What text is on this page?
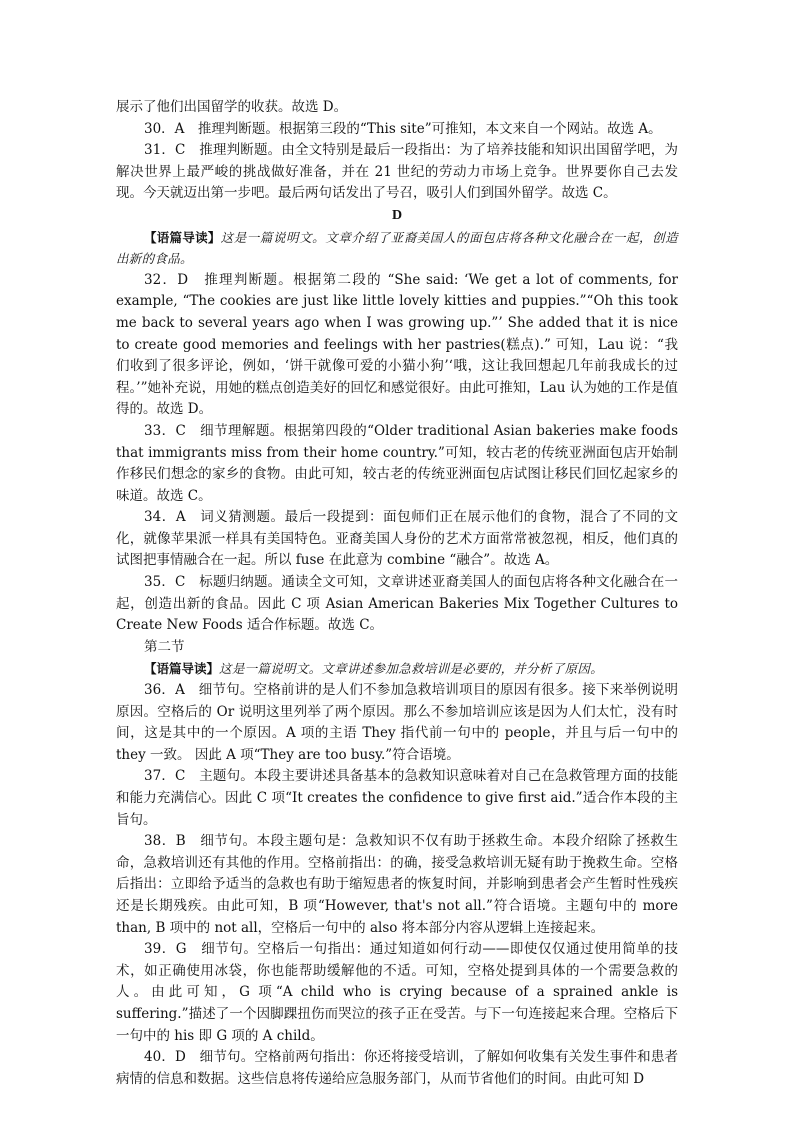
展示了他们出国留学的收获。故选 D。

30．A　推理判断题。根据第三段的“This site”可推知，本文来自一个网站。故选 A。

31．C　推理判断题。由全文特别是最后一段指出：为了培养技能和知识出国留学吧，为解决世界上最严峻的挑战做好准备，并在 21 世纪的劳动力市场上竞争。世界要你自己去发现。今天就迈出第一步吧。最后两句话发出了号召，吸引人们到国外留学。故选 C。

D

【语篇导读】这是一篇说明文。文章介绍了亚裔美国人的面包店将各种文化融合在一起，创造出新的食品。

32．D　推理判断题。根据第二段的 “She said: ‘We get a lot of comments, for example, “The cookies are just like little lovely kitties and puppies.”“Oh this took me back to several years ago when I was growing up.”’ She added that it is nice to create good memories and feelings with her pastries(糕点).” 可知，Lau 说：“我们收到了很多评论，例如，‘饼干就像可爱的小猫小狗’‘哦，这让我回想起几年前我成长的过程。’”她补充说，用她的糕点创造美好的回忆和感觉很好。由此可推知，Lau 认为她的工作是值得的。故选 D。

33．C　细节理解题。根据第四段的“Older traditional Asian bakeries make foods that immigrants miss from their home country.”可知，较古老的传统亚洲面包店开始制作移民们想念的家乡的食物。由此可知，较古老的传统亚洲面包店试图让移民们回忆起家乡的味道。故选 C。

34．A　词义猜测题。最后一段提到：面包师们正在展示他们的食物，混合了不同的文化，就像苹果派一样具有美国特色。亚裔美国人身份的艺术方面常常被忽视，相反，他们真的试图把事情融合在一起。所以 fuse 在此意为 combine “融合”。故选 A。

35．C　标题归纳题。通读全文可知，文章讲述亚裔美国人的面包店将各种文化融合在一起，创造出新的食品。因此 C 项 Asian American Bakeries Mix Together Cultures to Create New Foods 适合作标题。故选 C。

第二节

【语篇导读】这是一篇说明文。文章讲述参加急救培训是必要的，并分析了原因。

36．A　细节句。空格前讲的是人们不参加急救培训项目的原因有很多。接下来举例说明原因。空格后的 Or 说明这里列举了两个原因。那么不参加培训应该是因为人们太忙，没有时间，这是其中的一个原因。A 项的主语 They 指代前一句中的 people，并且与后一句中的 they 一致。 因此 A 项“They are too busy.”符合语境。

37．C　主题句。本段主要讲述具备基本的急救知识意味着对自己在急救管理方面的技能和能力充满信心。因此 C 项“It creates the confidence to give first aid.”适合作本段的主旨句。

38．B　细节句。本段主题句是：急救知识不仅有助于拯救生命。本段介绍除了拯救生命，急救培训还有其他的作用。空格前指出：的确，接受急救培训无疑有助于挽救生命。空格后指出：立即给予适当的急救也有助于缩短患者的恢复时间，并影响到患者会产生暂时性残疾还是长期残疾。由此可知，B 项“However, that's not all.”符合语境。主题句中的 more than, B 项中的 not all，空格后一句中的 also 将本部分内容从逻辑上连接起来。

39．G　细节句。空格后一句指出：通过知道如何行动——即使仅仅通过使用简单的技术，如正确使用冰袋，你也能帮助缓解他的不适。可知，空格处提到具体的一个需要急救的人。由此可知，G 项“A child who is crying because of a sprained ankle is suffering.”描述了一个因脚踝扭伤而哭泣的孩子正在受苦。与下一句连接起来合理。空格后下一句中的 his 即 G 项的 A child。

40．D　细节句。空格前两句指出：你还将接受培训，了解如何收集有关发生事件和患者病情的信息和数据。这些信息将传递给应急服务部门，从而节省他们的时间。由此可知 D
